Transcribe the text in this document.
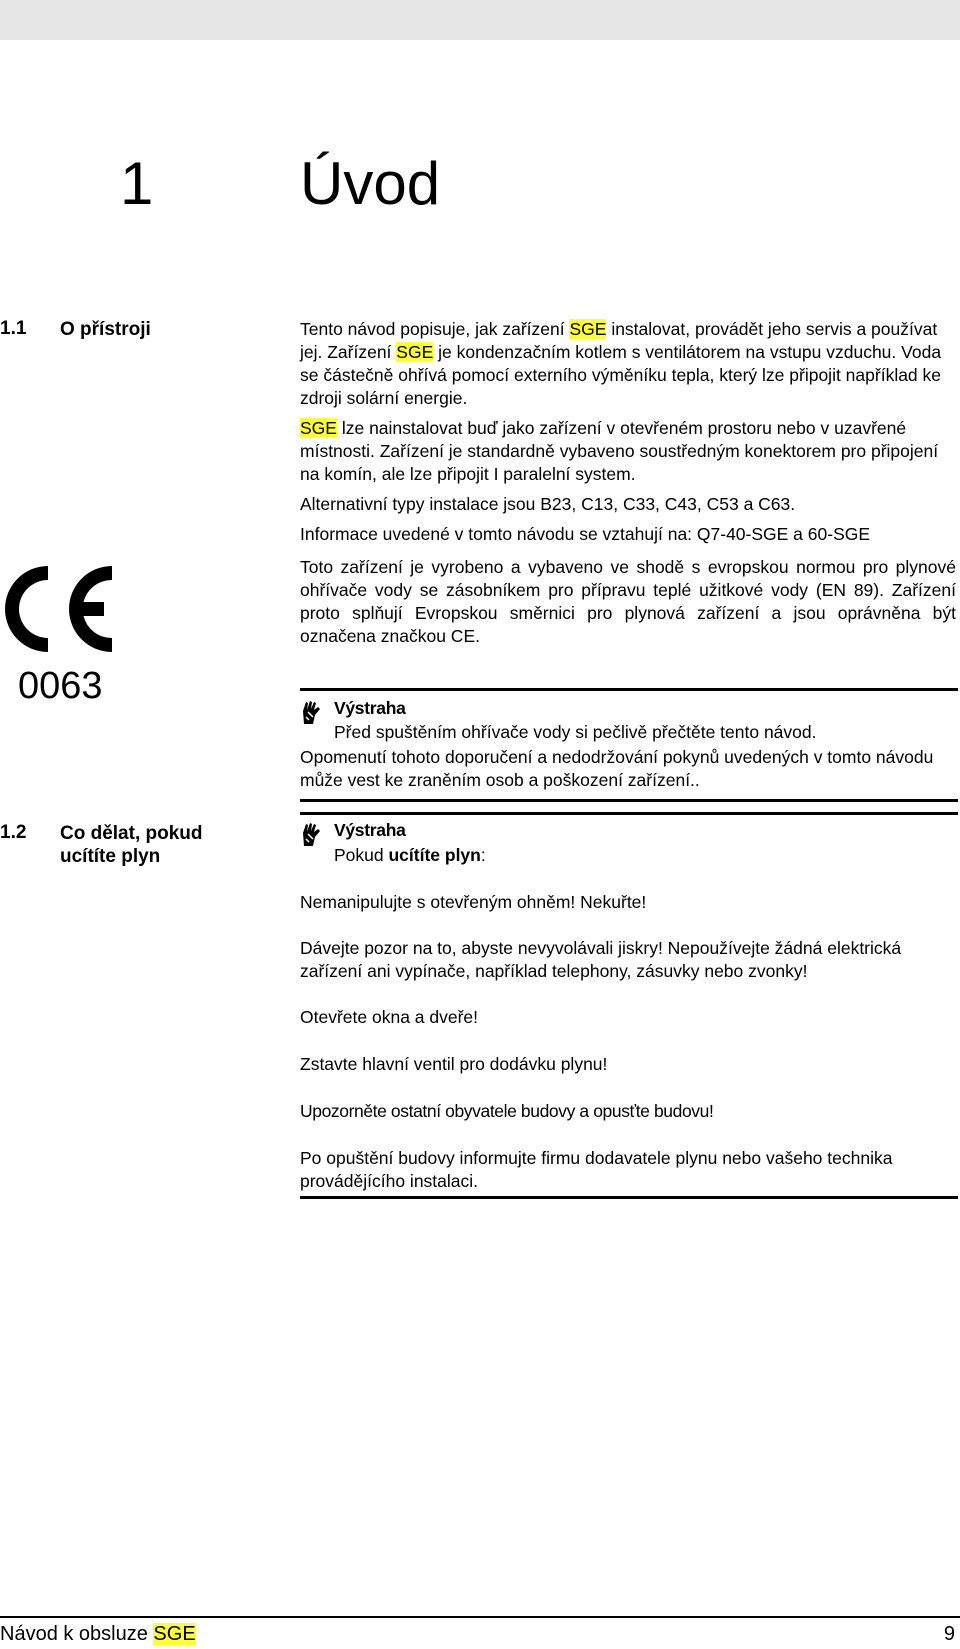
1 Úvod
1.1 O přístroji	Tento návod popisuje, jak zařízení SGE instalovat, provádět jeho servis a používat jej. Zařízení SGE je kondenzačním kotlem s ventilátorem na vstupu vzduchu. Voda se částečně ohřívá pomocí externího výměníku tepla, který lze připojit například ke zdroji solární energie.

SGE lze nainstalovat buď jako zařízení v otevřeném prostoru nebo v uzavřené místnosti. Zařízení je standardně vybaveno soustředným konektorem pro připojení na komín, ale lze připojit I paralelní system.

Alternativní typy instalace jsou B23, C13, C33, C43, C53 a C63.

Informace uvedené v tomto návodu se vztahují na: Q7-40-SGE a 60-SGE

Toto zařízení je vyrobeno a vybaveno ve shodě s evropskou normou pro plynové ohřívače vody se zásobníkem pro přípravu teplé užitkové vody (EN 89). Zařízení proto splňují Evropskou směrnici pro plynová zařízení a jsou oprávněna být označena značkou CE.

0063
Výstraha
Před spuštěním ohřívače vody si pečlivě přečtěte tento návod.
Opomenutí tohoto doporučení a nedodržování pokynů uvedených v tomto návodu může vest ke zraněním osob a poškození zařízení..
1.2 Co dělat, pokud
ucítíte plyn
Výstraha
Pokud ucítíte plyn:

Nemanipulujte s otevřeným ohněm! Nekuřte!

Dávejte pozor na to, abyste nevyvolávali jiskry! Nepoužívejte žádná elektrická zařízení ani vypínače, například telephony, zásuvky nebo zvonky!

Otevřete okna a dveře!

Zstavte hlavní ventil pro dodávku plynu!

Upozorněte ostatní obyvatele budovy a opusťte budovu!

Po opuštění budovy informujte firmu dodavatele plynu nebo vašeho technika provádějícího instalaci.

Návod k obsluze SGE	9
